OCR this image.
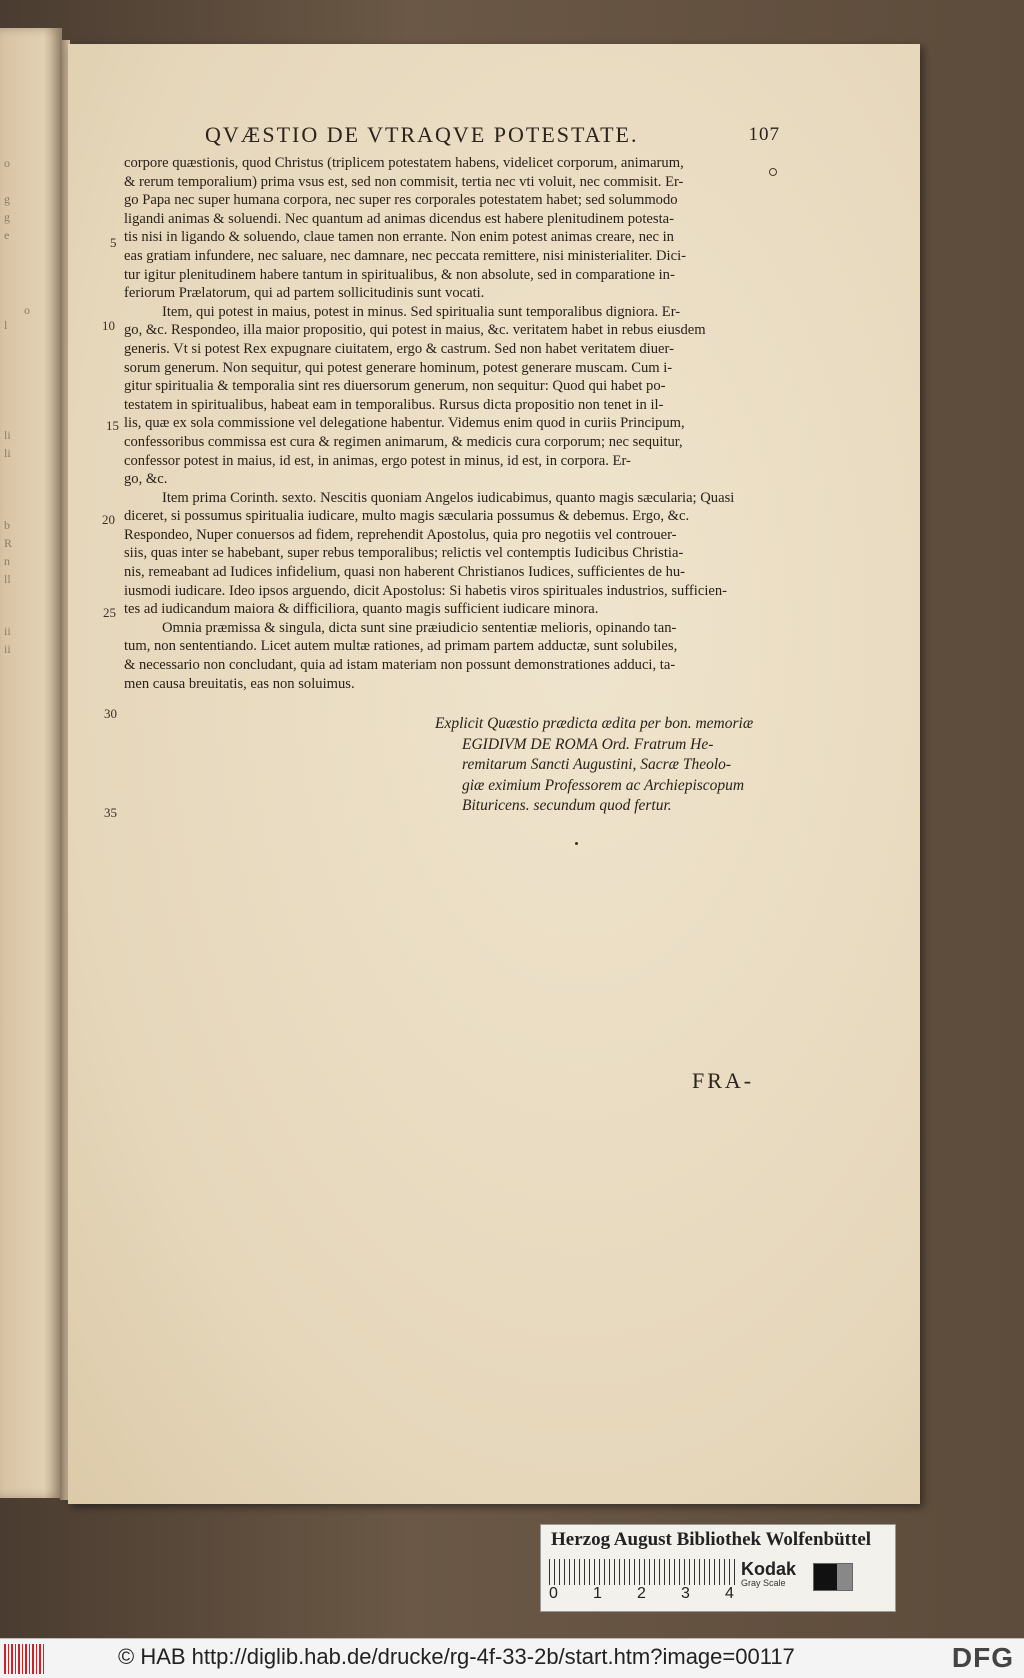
o
g
g
e
l
o
li
li
b
R
n
ll
ii
ii
QVÆSTIO DE VTRAQVE POTESTATE.	107
corpore quæstionis, quod Christus (triplicem potestatem habens, videlicet corporum, animarum,
& rerum temporalium) prima vsus est, sed non commisit, tertia nec vti voluit, nec commisit. Er-
go Papa nec super humana corpora, nec super res corporales potestatem habet; sed solummodo
ligandi animas & soluendi. Nec quantum ad animas dicendus est habere plenitudinem potesta-
tis nisi in ligando & soluendo, claue tamen non errante. Non enim potest animas creare, nec in
eas gratiam infundere, nec saluare, nec damnare, nec peccata remittere, nisi ministerialiter. Dici-
tur igitur plenitudinem habere tantum in spiritualibus, & non absolute, sed in comparatione in-
feriorum Prælatorum, qui ad partem sollicitudinis sunt vocati.
Item, qui potest in maius, potest in minus. Sed spiritualia sunt temporalibus digniora. Er-
go, &c. Respondeo, illa maior propositio, qui potest in maius, &c. veritatem habet in rebus eiusdem
generis. Vt si potest Rex expugnare ciuitatem, ergo & castrum. Sed non habet veritatem diuer-
sorum generum. Non sequitur, qui potest generare hominum, potest generare muscam. Cum i-
gitur spiritualia & temporalia sint res diuersorum generum, non sequitur: Quod qui habet po-
testatem in spiritualibus, habeat eam in temporalibus. Rursus dicta propositio non tenet in il-
lis, quæ ex sola commissione vel delegatione habentur. Videmus enim quod in curiis Principum,
confessoribus commissa est cura & regimen animarum, & medicis cura corporum; nec sequitur,
confessor potest in maius, id est, in animas, ergo potest in minus, id est, in corpora. Er-
go, &c.
Item prima Corinth. sexto. Nescitis quoniam Angelos iudicabimus, quanto magis sæcularia; Quasi
diceret, si possumus spiritualia iudicare, multo magis sæcularia possumus & debemus. Ergo, &c.
Respondeo, Nuper conuersos ad fidem, reprehendit Apostolus, quia pro negotiis vel controuer-
siis, quas inter se habebant, super rebus temporalibus; relictis vel contemptis Iudicibus Christia-
nis, remeabant ad Iudices infidelium, quasi non haberent Christianos Iudices, sufficientes de hu-
iusmodi iudicare. Ideo ipsos arguendo, dicit Apostolus: Si habetis viros spirituales industrios, sufficien-
tes ad iudicandum maiora & difficiliora, quanto magis sufficient iudicare minora.
Omnia præmissa & singula, dicta sunt sine præiudicio sententiæ melioris, opinando tan-
tum, non sententiando. Licet autem multæ rationes, ad primam partem adductæ, sunt solubiles,
& necessario non concludant, quia ad istam materiam non possunt demonstrationes adduci, ta-
men causa breuitatis, eas non soluimus.
5
10
15
20
25
30
35
Explicit Quæstio prædicta ædita per bon. memoriæ
EGIDIVM DE ROMA Ord. Fratrum He-
remitarum Sancti Augustini, Sacræ Theolo-
giæ eximium Professorem ac Archiepiscopum
Bituricens. secundum quod fertur.
FRA-
Herzog August Bibliothek Wolfenbüttel
0 1 2 3 4
Kodak
Gray Scale
© HAB http://diglib.hab.de/drucke/rg-4f-33-2b/start.htm?image=00117	DFG
